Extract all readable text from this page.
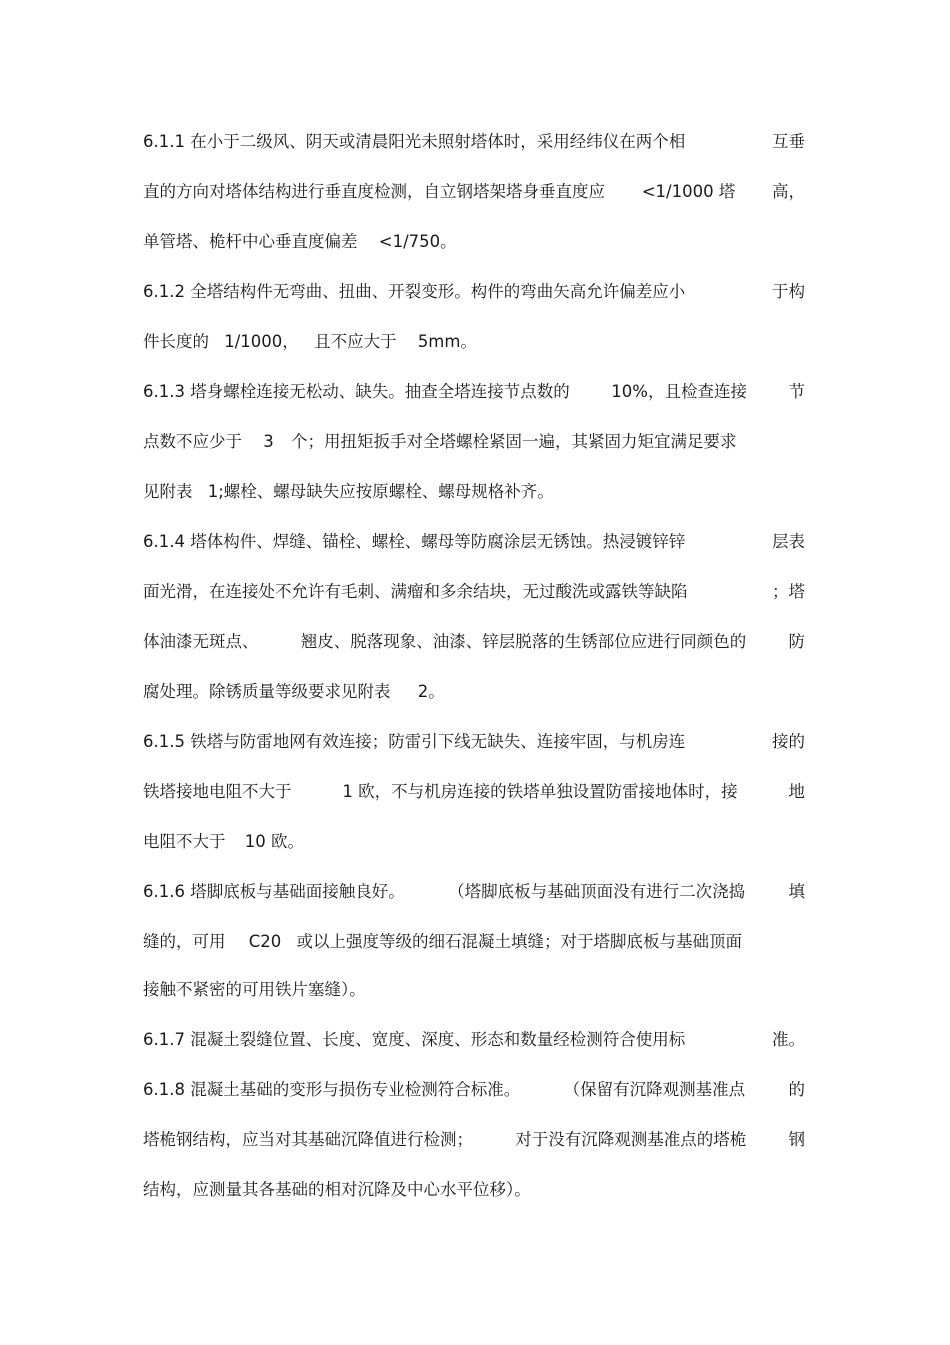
6.1.1 在小于二级风、阴天或清晨阳光未照射塔体时，采用经纬仪在两个相	互垂
直的方向对塔体结构进行垂直度检测，自立钢塔架塔身垂直度应 <1/1000 塔 高，
单管塔、桅杆中心垂直度偏差 <1/750。
6.1.2 全塔结构件无弯曲、扭曲、开裂变形。构件的弯曲矢高允许偏差应小	于构
件长度的 1/1000， 且不应大于 5mm。
6.1.3 塔身螺栓连接无松动、缺失。抽查全塔连接节点数的	10%，且检查连接	节
点数不应少于 3 个；用扭矩扳手对全塔螺栓紧固一遍，其紧固力矩宜满足要求
见附表 1;螺栓、螺母缺失应按原螺栓、螺母规格补齐。
6.1.4 塔体构件、焊缝、锚栓、螺栓、螺母等防腐涂层无锈蚀。热浸镀锌锌	层表
面光滑，在连接处不允许有毛刺、满瘤和多余结块，无过酸洗或露铁等缺陷	；塔
体油漆无斑点、	翘皮、脱落现象、油漆、锌层脱落的生锈部位应进行同颜色的	防
腐处理。除锈质量等级要求见附表 2。
6.1.5 铁塔与防雷地网有效连接；防雷引下线无缺失、连接牢固，与机房连	接的
铁塔接地电阻不大于	1 欧，不与机房连接的铁塔单独设置防雷接地体时，接	地
电阻不大于 10 欧。
6.1.6 塔脚底板与基础面接触良好。	（塔脚底板与基础顶面没有进行二次浇捣	填
缝的，可用 C20 或以上强度等级的细石混凝土填缝；对于塔脚底板与基础顶面
接触不紧密的可用铁片塞缝）。
6.1.7 混凝土裂缝位置、长度、宽度、深度、形态和数量经检测符合使用标	准。
6.1.8 混凝土基础的变形与损伤专业检测符合标准。	（保留有沉降观测基准点	的
塔桅钢结构，应当对其基础沉降值进行检测；	对于没有沉降观测基准点的塔桅	钢
结构，应测量其各基础的相对沉降及中心水平位移）。
